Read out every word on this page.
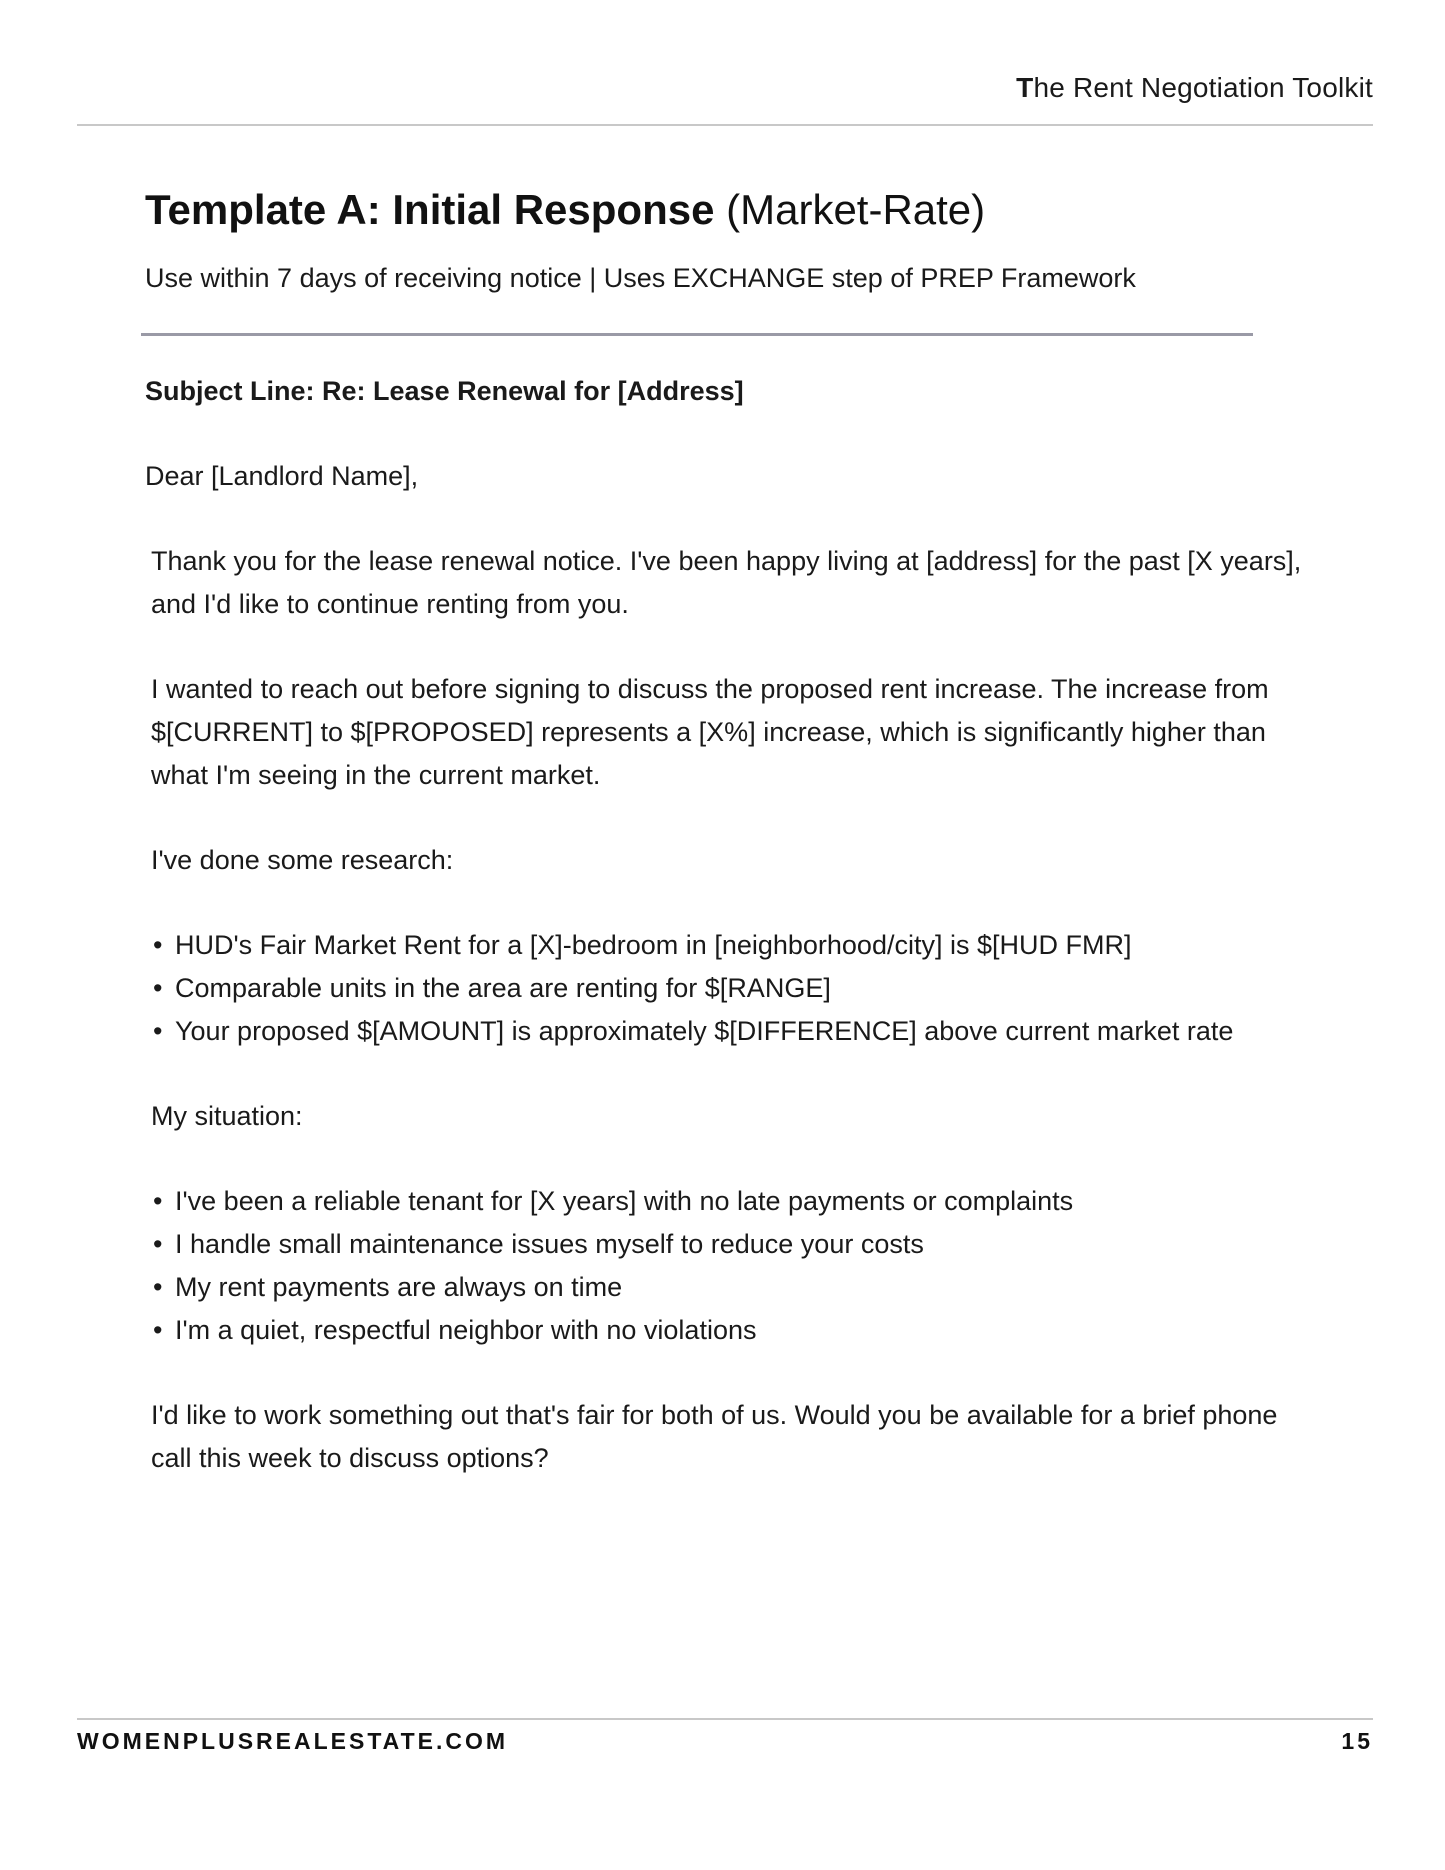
The Rent Negotiation Toolkit
Template A: Initial Response (Market-Rate)
Use within 7 days of receiving notice | Uses EXCHANGE step of PREP Framework

Subject Line: Re: Lease Renewal for [Address]

Dear [Landlord Name],

Thank you for the lease renewal notice. I've been happy living at [address] for the past [X years], and I'd like to continue renting from you.

I wanted to reach out before signing to discuss the proposed rent increase. The increase from $[CURRENT] to $[PROPOSED] represents a [X%] increase, which is significantly higher than what I'm seeing in the current market.

I've done some research:

• HUD's Fair Market Rent for a [X]-bedroom in [neighborhood/city] is $[HUD FMR]
• Comparable units in the area are renting for $[RANGE]
• Your proposed $[AMOUNT] is approximately $[DIFFERENCE] above current market rate

My situation:

• I've been a reliable tenant for [X years] with no late payments or complaints
• I handle small maintenance issues myself to reduce your costs
• My rent payments are always on time
• I'm a quiet, respectful neighbor with no violations

I'd like to work something out that's fair for both of us. Would you be available for a brief phone call this week to discuss options?

WOMENPLUSREALESTATE.COM	15
